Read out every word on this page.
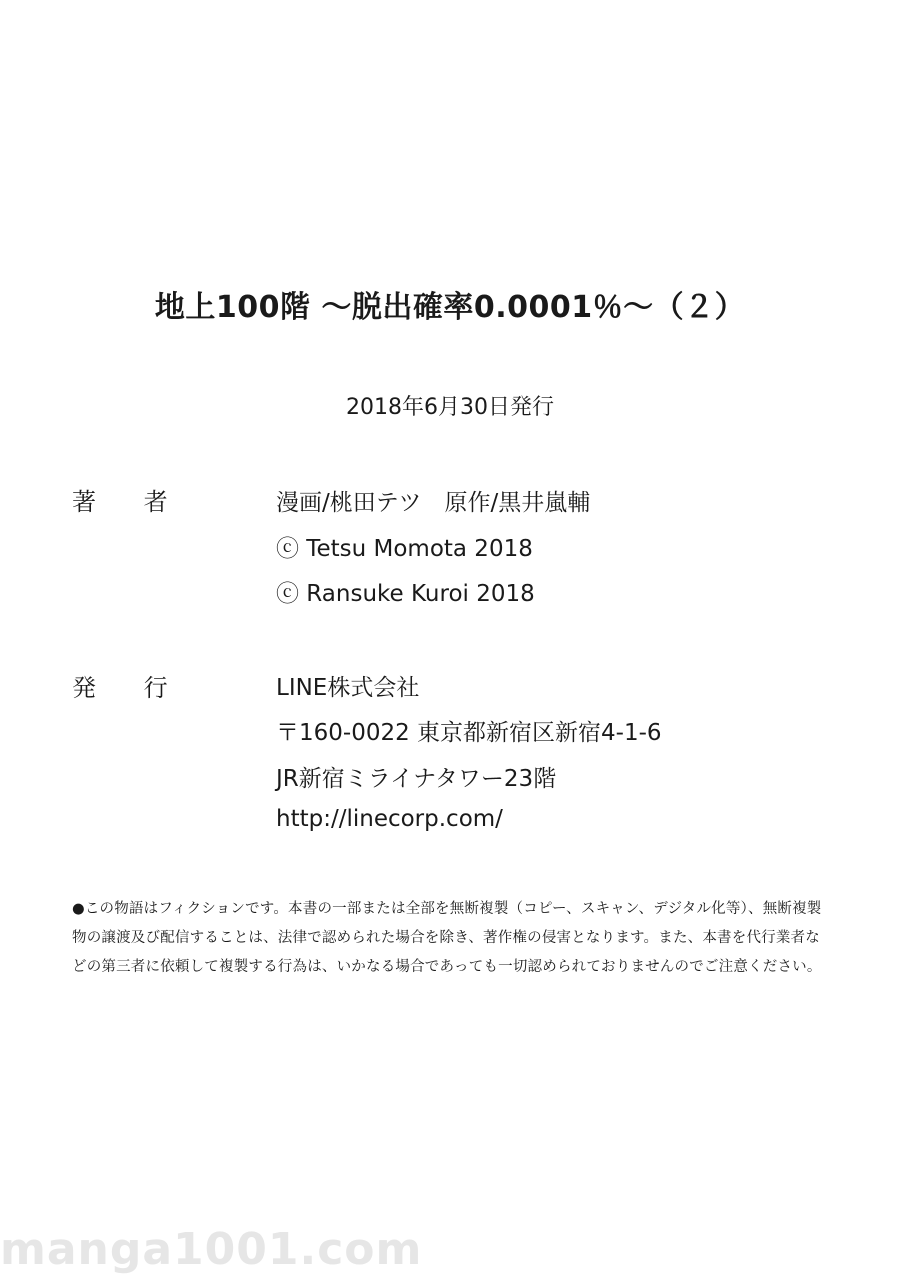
地上100階 ～脱出確率0.0001％～（２）
2018年6月30日発行
著 者	漫画/桃田テツ　原作/黒井嵐輔
ⓒ Tetsu Momota 2018
ⓒ Ransuke Kuroi 2018
発 行	LINE株式会社
〒160-0022 東京都新宿区新宿4-1-6
JR新宿ミライナタワー23階
http://linecorp.com/
●この物語はフィクションです。本書の一部または全部を無断複製（コピー、スキャン、デジタル化等）、無断複製物の譲渡及び配信することは、法律で認められた場合を除き、著作権の侵害となります。また、本書を代行業者などの第三者に依頼して複製する行為は、いかなる場合であっても一切認められておりませんのでご注意ください。
manga1001.com
